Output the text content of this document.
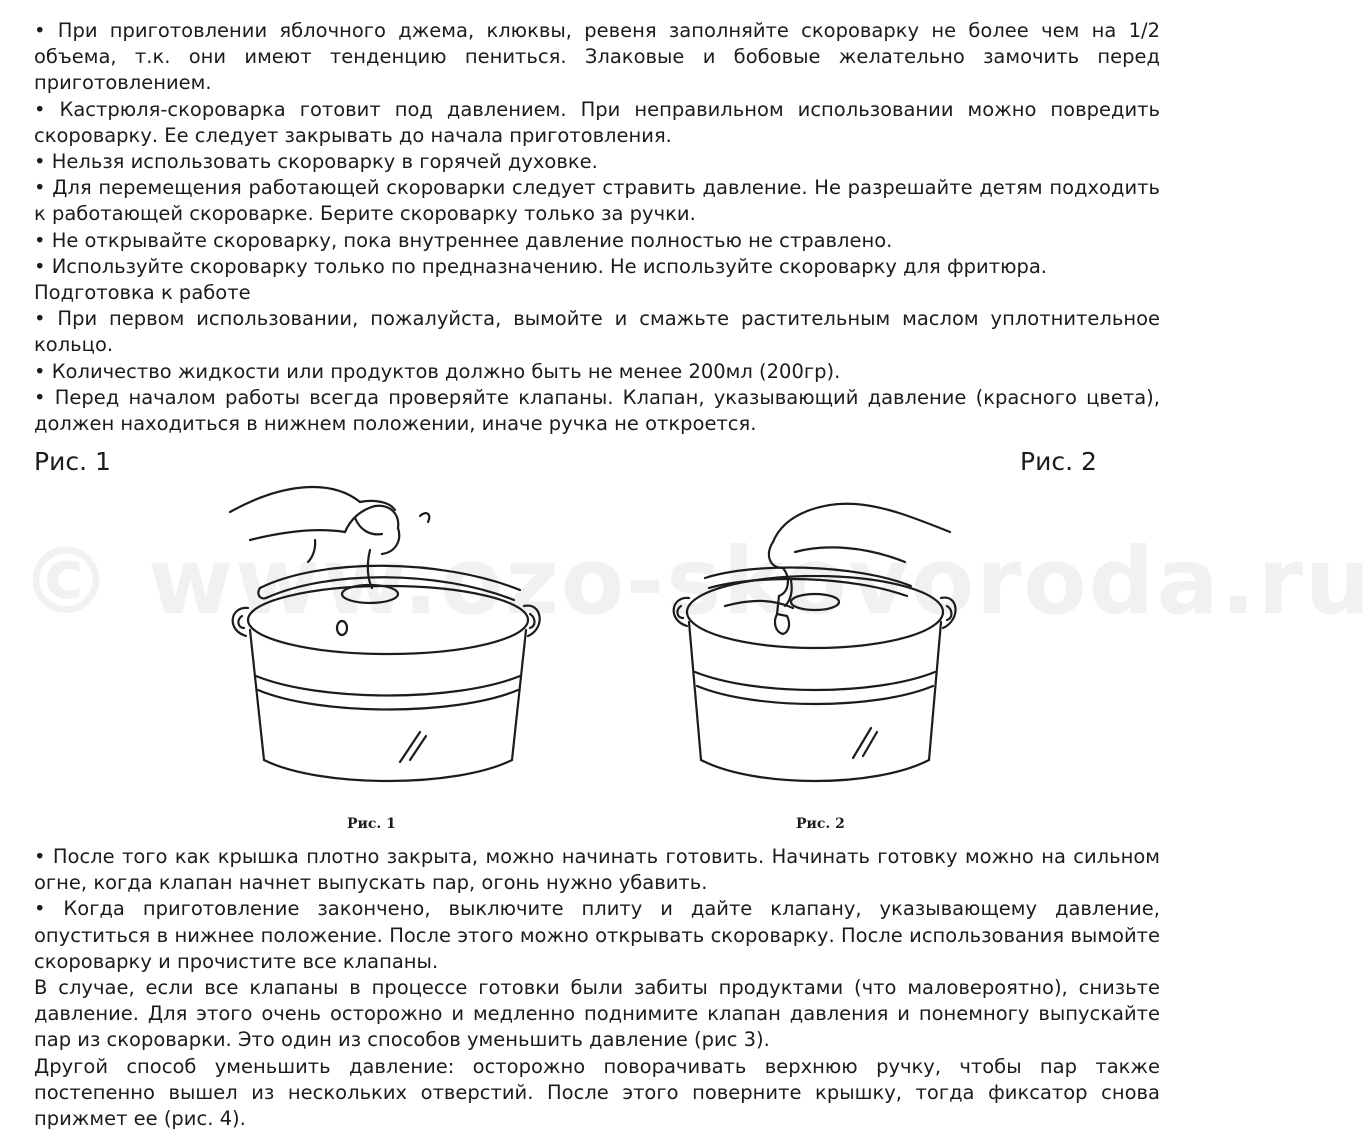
© www.ozo-skovoroda.ru

• При приготовлении яблочного джема, клюквы, ревеня заполняйте скороварку не более чем на 1/2 объема, т.к. они имеют тенденцию пениться. Злаковые и бобовые желательно замочить перед приготовлением.

• Кастрюля-скороварка готовит под давлением. При неправильном использовании можно повредить скороварку. Ее следует закрывать до начала приготовления.

• Нельзя использовать скороварку в горячей духовке.

• Для перемещения работающей скороварки следует стравить давление. Не разрешайте детям подходить к работающей скороварке. Берите скороварку только за ручки.

• Не открывайте скороварку, пока внутреннее давление полностью не стравлено.

• Используйте скороварку только по предназначению. Не используйте скороварку для фритюра.

Подготовка к работе

• При первом использовании, пожалуйста, вымойте и смажьте растительным маслом уплотнительное кольцо.

• Количество жидкости или продуктов должно быть не менее 200мл (200гр).

• Перед началом работы всегда проверяйте клапаны. Клапан, указывающий давление (красного цвета), должен находиться в нижнем положении, иначе ручка не откроется.

Рис. 1	Рис. 2
Рис. 1	Рис. 2

• После того как крышка плотно закрыта, можно начинать готовить. Начинать готовку можно на сильном огне, когда клапан начнет выпускать пар, огонь нужно убавить.

• Когда приготовление закончено, выключите плиту и дайте клапану, указывающему давление, опуститься в нижнее положение. После этого можно открывать скороварку. После использования вымойте скороварку и прочистите все клапаны.

В случае, если все клапаны в процессе готовки были забиты продуктами (что маловероятно), снизьте давление. Для этого очень осторожно и медленно поднимите клапан давления и понемногу выпускайте пар из скороварки. Это один из способов уменьшить давление (рис 3).

Другой способ уменьшить давление: осторожно поворачивать верхнюю ручку, чтобы пар также постепенно вышел из нескольких отверстий. После этого поверните крышку, тогда фиксатор снова прижмет ее (рис. 4).
